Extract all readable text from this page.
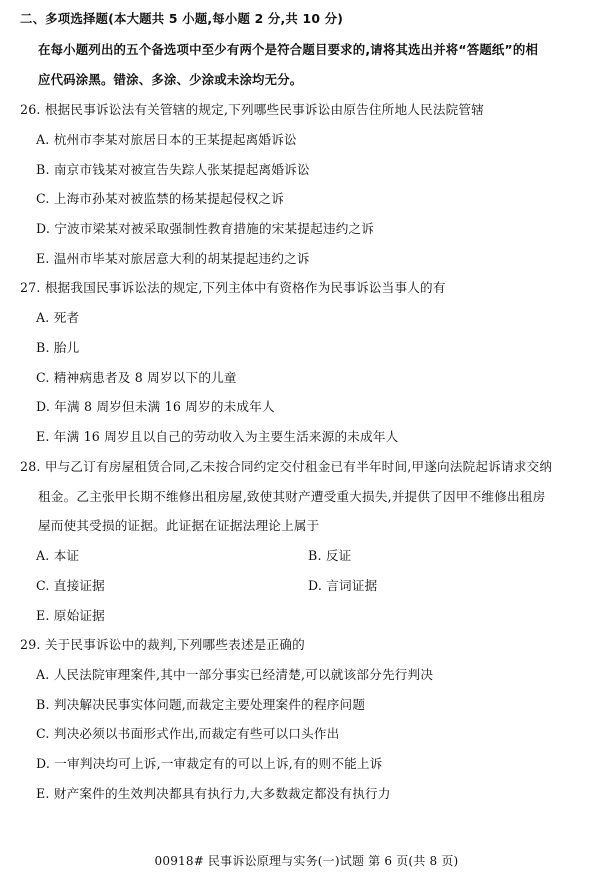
二、多项选择题(本大题共 5 小题,每小题 2 分,共 10 分)
在每小题列出的五个备选项中至少有两个是符合题目要求的,请将其选出并将“答题纸”的相
应代码涂黑。错涂、多涂、少涂或未涂均无分。
26. 根据民事诉讼法有关管辖的规定,下列哪些民事诉讼由原告住所地人民法院管辖
A. 杭州市李某对旅居日本的王某提起离婚诉讼
B. 南京市钱某对被宣告失踪人张某提起离婚诉讼
C. 上海市孙某对被监禁的杨某提起侵权之诉
D. 宁波市梁某对被采取强制性教育措施的宋某提起违约之诉
E. 温州市毕某对旅居意大利的胡某提起违约之诉
27. 根据我国民事诉讼法的规定,下列主体中有资格作为民事诉讼当事人的有
A. 死者
B. 胎儿
C. 精神病患者及 8 周岁以下的儿童
D. 年满 8 周岁但未满 16 周岁的未成年人
E. 年满 16 周岁且以自己的劳动收入为主要生活来源的未成年人
28. 甲与乙订有房屋租赁合同,乙未按合同约定交付租金已有半年时间,甲遂向法院起诉请求交纳
租金。乙主张甲长期不维修出租房屋,致使其财产遭受重大损失,并提供了因甲不维修出租房
屋而使其受损的证据。此证据在证据法理论上属于
A. 本证	B. 反证
C. 直接证据	D. 言词证据
E. 原始证据
29. 关于民事诉讼中的裁判,下列哪些表述是正确的
A. 人民法院审理案件,其中一部分事实已经清楚,可以就该部分先行判决
B. 判决解决民事实体问题,而裁定主要处理案件的程序问题
C. 判决必须以书面形式作出,而裁定有些可以口头作出
D. 一审判决均可上诉,一审裁定有的可以上诉,有的则不能上诉
E. 财产案件的生效判决都具有执行力,大多数裁定都没有执行力
00918# 民事诉讼原理与实务(一)试题 第 6 页(共 8 页)
